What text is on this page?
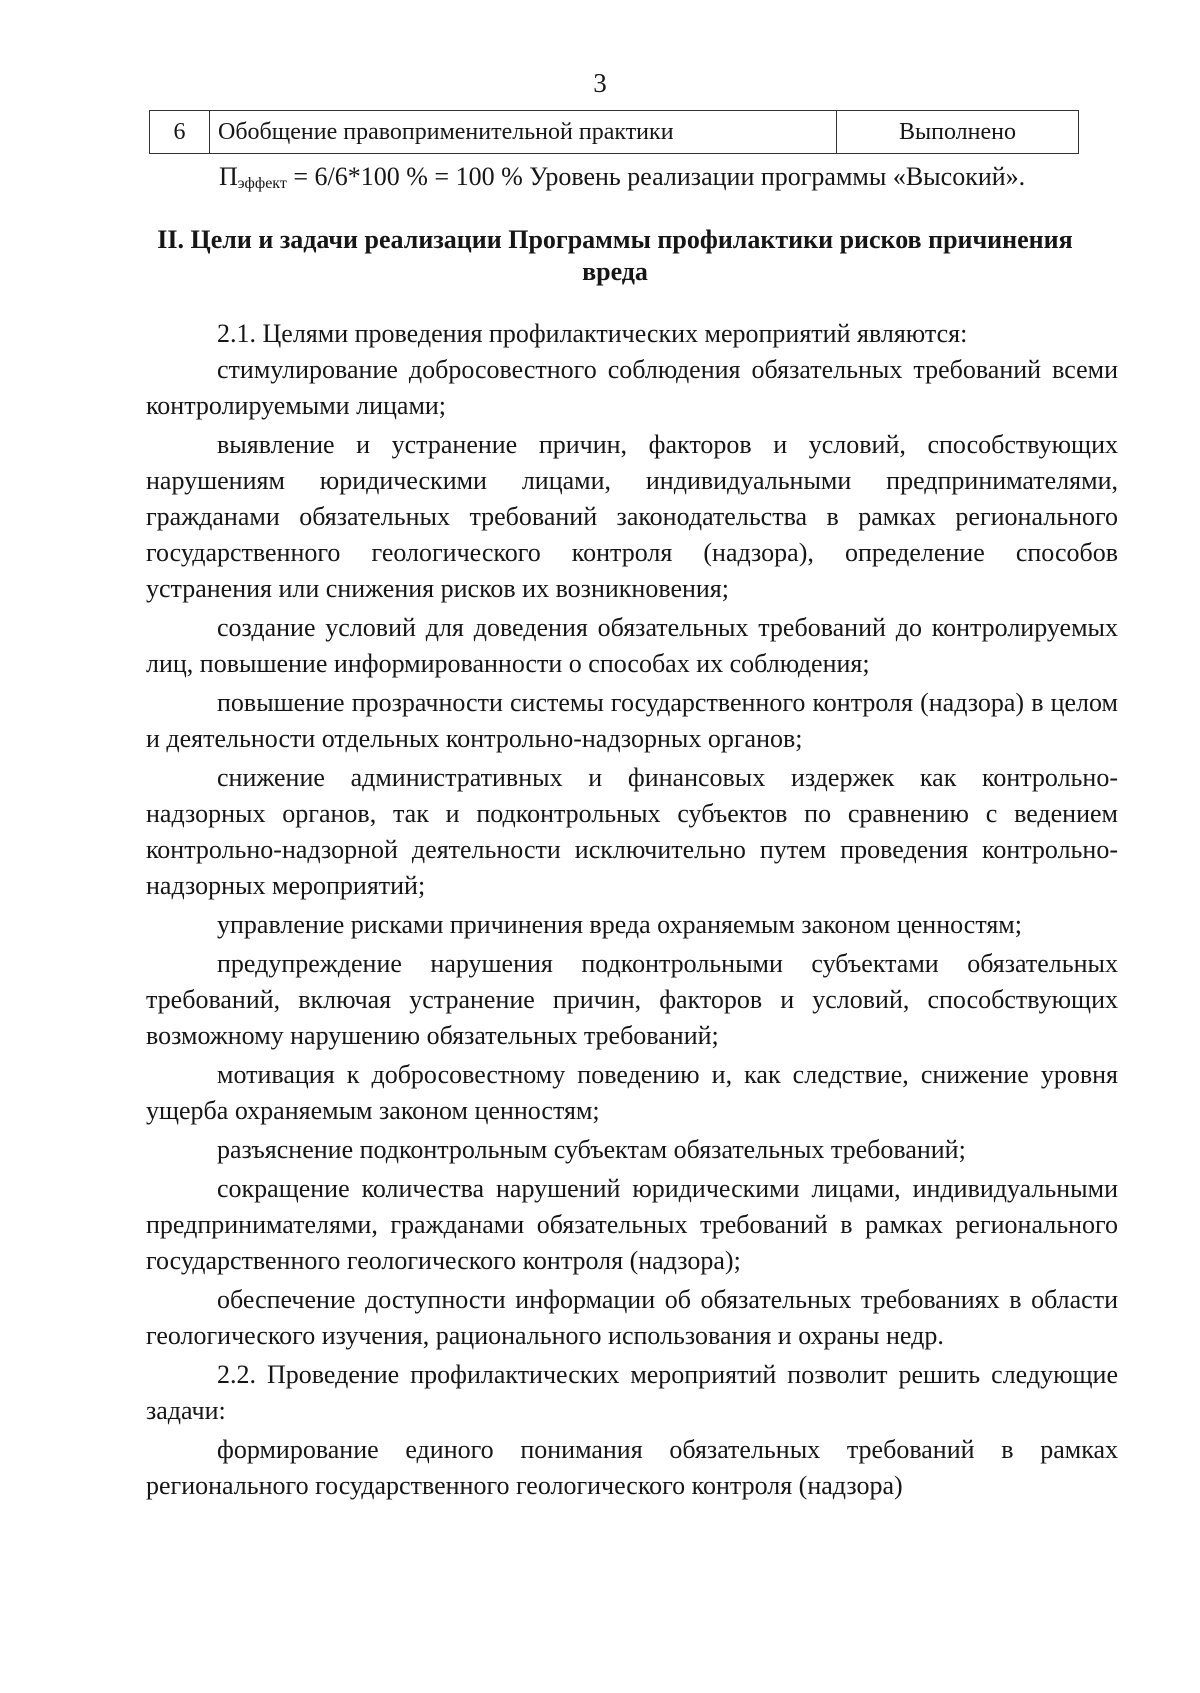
3
6	Обобщение правоприменительной практики	Выполнено
$П_{эффект} = 6/6*100$ % = 100 % Уровень реализации программы «Высокий».
II. Цели и задачи реализации Программы профилактики рисков причинения вреда

2.1. Целями проведения профилактических мероприятий являются:

стимулирование добросовестного соблюдения обязательных требований всеми контролируемыми лицами;

выявление и устранение причин, факторов и условий, способствующих нарушениям юридическими лицами, индивидуальными предпринимателями, гражданами обязательных требований законодательства в рамках регионального государственного геологического контроля (надзора), определение способов устранения или снижения рисков их возникновения;

создание условий для доведения обязательных требований до контролируемых лиц, повышение информированности о способах их соблюдения;

повышение прозрачности системы государственного контроля (надзора) в целом и деятельности отдельных контрольно-надзорных органов;

снижение административных и финансовых издержек как контрольно-надзорных органов, так и подконтрольных субъектов по сравнению с ведением контрольно-надзорной деятельности исключительно путем проведения контрольно-надзорных мероприятий;

управление рисками причинения вреда охраняемым законом ценностям;

предупреждение нарушения подконтрольными субъектами обязательных требований, включая устранение причин, факторов и условий, способствующих возможному нарушению обязательных требований;

мотивация к добросовестному поведению и, как следствие, снижение уровня ущерба охраняемым законом ценностям;

разъяснение подконтрольным субъектам обязательных требований;

сокращение количества нарушений юридическими лицами, индивидуальными предпринимателями, гражданами обязательных требований в рамках регионального государственного геологического контроля (надзора);

обеспечение доступности информации об обязательных требованиях в области геологического изучения, рационального использования и охраны недр.

2.2. Проведение профилактических мероприятий позволит решить следующие задачи:

формирование единого понимания обязательных требований в рамках регионального государственного геологического контроля (надзора)
